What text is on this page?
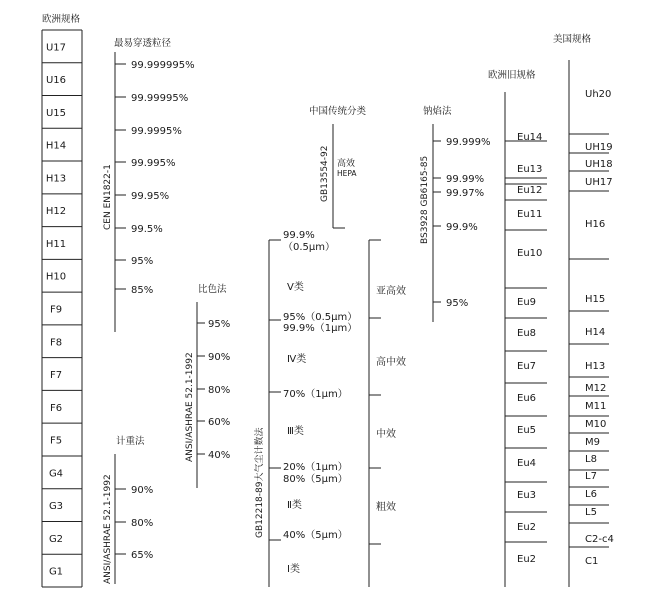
欧洲规格
U17
U16
U15
H14
H13
H12
H11
H10
F9
F8
F7
F6
F5
G4
G3
G2
G1
最易穿透粒径
CEN EN1822-1
99.999995%
99.99995%
99.9995%
99.995%
99.95%
99.5%
95%
85%
计重法
ANSI/ASHRAE 52.1-1992 90%
80%
65%
比色法
ANSI/ASHRAE 52.1-1992
95%
90%
80%
60%
40%	GB12218-89大气尘计数法
99.9%
（0.5μm）
95%（0.5μm）
99.9%（1μm）
70%（1μm）
20%（1μm）
80%（5μm）
40%（5μm）
Ⅴ类
Ⅳ类
Ⅲ类
Ⅱ类
Ⅰ类
亚高效
高中效
中效
粗效
中国传统分类
GB13554-92 高效
HEPA
钠焰法
BS3928 GB6165-85
99.999%
99.99%
99.97%
99.9%
95%
欧洲旧规格
Eu14
Eu13
Eu12
Eu11
Eu10
Eu9
Eu8
Eu7
Eu6
Eu5
Eu4
Eu3
Eu2
Eu2
美国规格
Uh20
UH19
UH18
UH17
H16
H15
H14
H13
M12
M11
M10
M9
L8
L7
L6
L5
C2-c4
C1
